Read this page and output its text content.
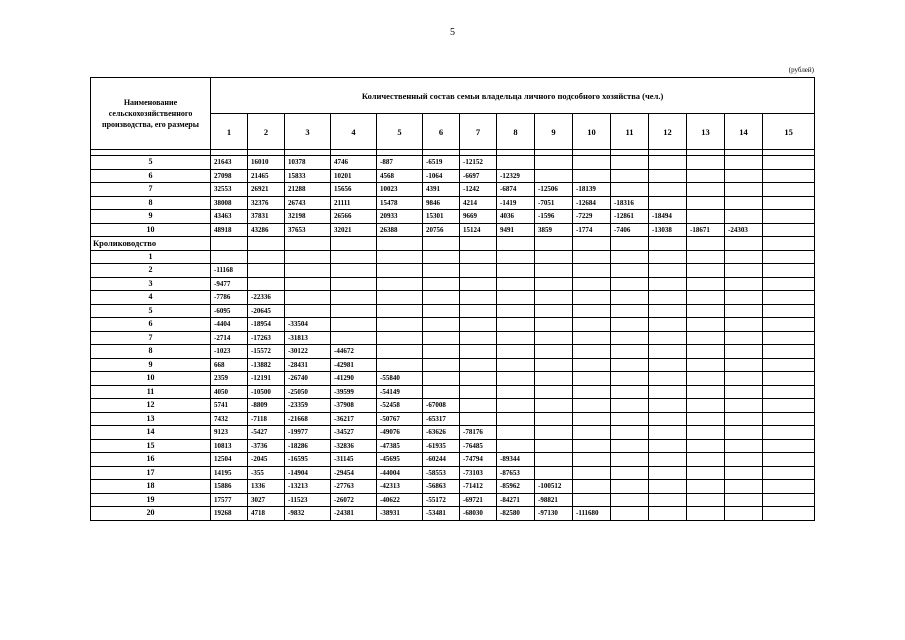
5
(рублей)
Наименование сельскохозяйственного производства, его размеры	Количественный состав семьи владельца личного подсобного хозяйства (чел.)														
	1	2	3	4	5	6	7	8	9	10	11	12	13	14	15

5	21643	16010	10378	4746	-887	-6519	-12152								
6	27098	21465	15833	10201	4568	-1064	-6697	-12329							
7	32553	26921	21288	15656	10023	4391	-1242	-6874	-12506	-18139					
8	38008	32376	26743	21111	15478	9846	4214	-1419	-7051	-12684	-18316				
9	43463	37831	32198	26566	20933	15301	9669	4036	-1596	-7229	-12861	-18494			
10	48918	43286	37653	32021	26388	20756	15124	9491	3859	-1774	-7406	-13038	-18671	-24303	
Кролиководство															
1															
2	-11168														
3	-9477														
4	-7786	-22336													
5	-6095	-20645													
6	-4404	-18954	-33504												
7	-2714	-17263	-31813												
8	-1023	-15572	-30122	-44672											
9	668	-13882	-28431	-42981											
10	2359	-12191	-26740	-41290	-55840										
11	4050	-10500	-25050	-39599	-54149										
12	5741	-8809	-23359	-37908	-52458	-67008									
13	7432	-7118	-21668	-36217	-50767	-65317									
14	9123	-5427	-19977	-34527	-49076	-63626	-78176								
15	10813	-3736	-18286	-32836	-47385	-61935	-76485								
16	12504	-2045	-16595	-31145	-45695	-60244	-74794	-89344							
17	14195	-355	-14904	-29454	-44004	-58553	-73103	-87653							
18	15886	1336	-13213	-27763	-42313	-56863	-71412	-85962	-100512						
19	17577	3027	-11523	-26072	-40622	-55172	-69721	-84271	-98821						
20	19268	4718	-9832	-24381	-38931	-53481	-68030	-82580	-97130	-111680					
